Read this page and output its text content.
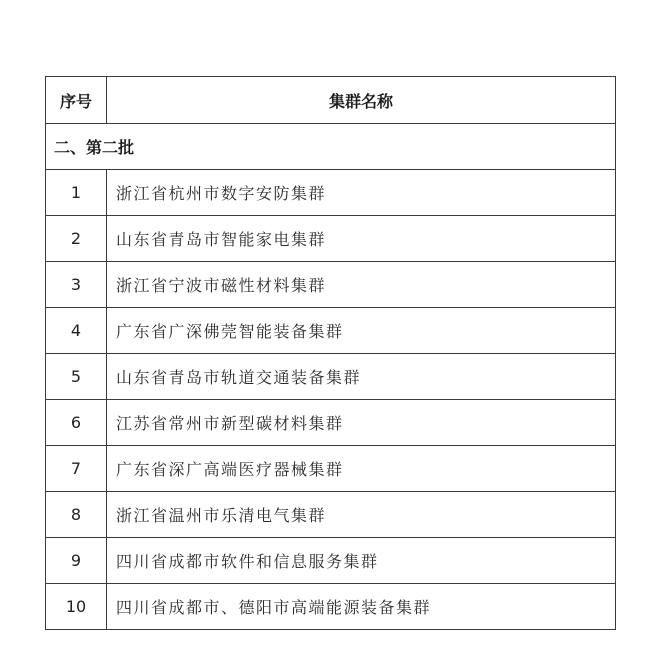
序号	集群名称
二、第二批	
1	浙江省杭州市数字安防集群
2	山东省青岛市智能家电集群
3	浙江省宁波市磁性材料集群
4	广东省广深佛莞智能装备集群
5	山东省青岛市轨道交通装备集群
6	江苏省常州市新型碳材料集群
7	广东省深广高端医疗器械集群
8	浙江省温州市乐清电气集群
9	四川省成都市软件和信息服务集群
10	四川省成都市、德阳市高端能源装备集群
